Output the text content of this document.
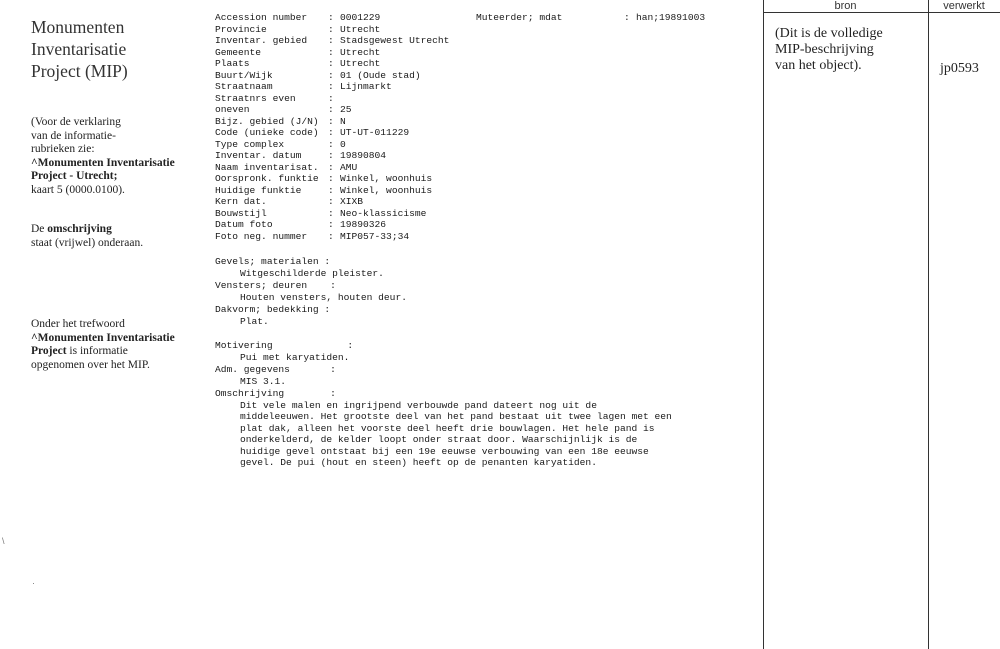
Monumenten
Inventarisatie
Project (MIP)
(Voor de verklaring
van de informatie-
rubrieken zie:
^Monumenten Inventarisatie
Project - Utrecht;
kaart 5 (0000.0100).
De omschrijving
staat (vrijwel) onderaan.
Onder het trefwoord
^Monumenten Inventarisatie
Project is informatie
opgenomen over het MIP.
Accession number	: 0001229	Muteerder; mdat	: han;19891003
Provincie	: Utrecht
Inventar. gebied	: Stadsgewest Utrecht
Gemeente	: Utrecht
Plaats	: Utrecht
Buurt/Wijk	: 01 (Oude stad)
Straatnaam	: Lijnmarkt
Straatnrs even	:
oneven	: 25
Bijz. gebied (J/N) : N
Code (unieke code) : UT-UT-011229
Type complex	: 0
Inventar. datum	: 19890804
Naam inventarisat. : AMU
Oorspronk. funktie : Winkel, woonhuis
Huidige funktie	: Winkel, woonhuis
Kern dat.	: XIXB
Bouwstijl	: Neo-klassicisme
Datum foto	: 19890326
Foto neg. nummer	: MIP057-33;34
Gevels; materialen :
Witgeschilderde pleister.
Vensters; deuren    :
Houten vensters, houten deur.
Dakvorm; bedekking :
Plat.
Motivering             :
Pui met karyatiden.
Adm. gegevens       :
MIS 3.1.
Omschrijving        :
Dit vele malen en ingrijpend verbouwde pand dateert nog uit de
middeleeuwen. Het grootste deel van het pand bestaat uit twee lagen met een
plat dak, alleen het voorste deel heeft drie bouwlagen. Het hele pand is
onderkelderd, de kelder loopt onder straat door. Waarschijnlijk is de
huidige gevel ontstaat bij een 19e eeuwse verbouwing van een 18e eeuwse
gevel. De pui (hout en steen) heeft op de penanten karyatiden.
bron	verwerkt
(Dit is de volledige
MIP-beschrijving
van het object).	jp0593
\
·
